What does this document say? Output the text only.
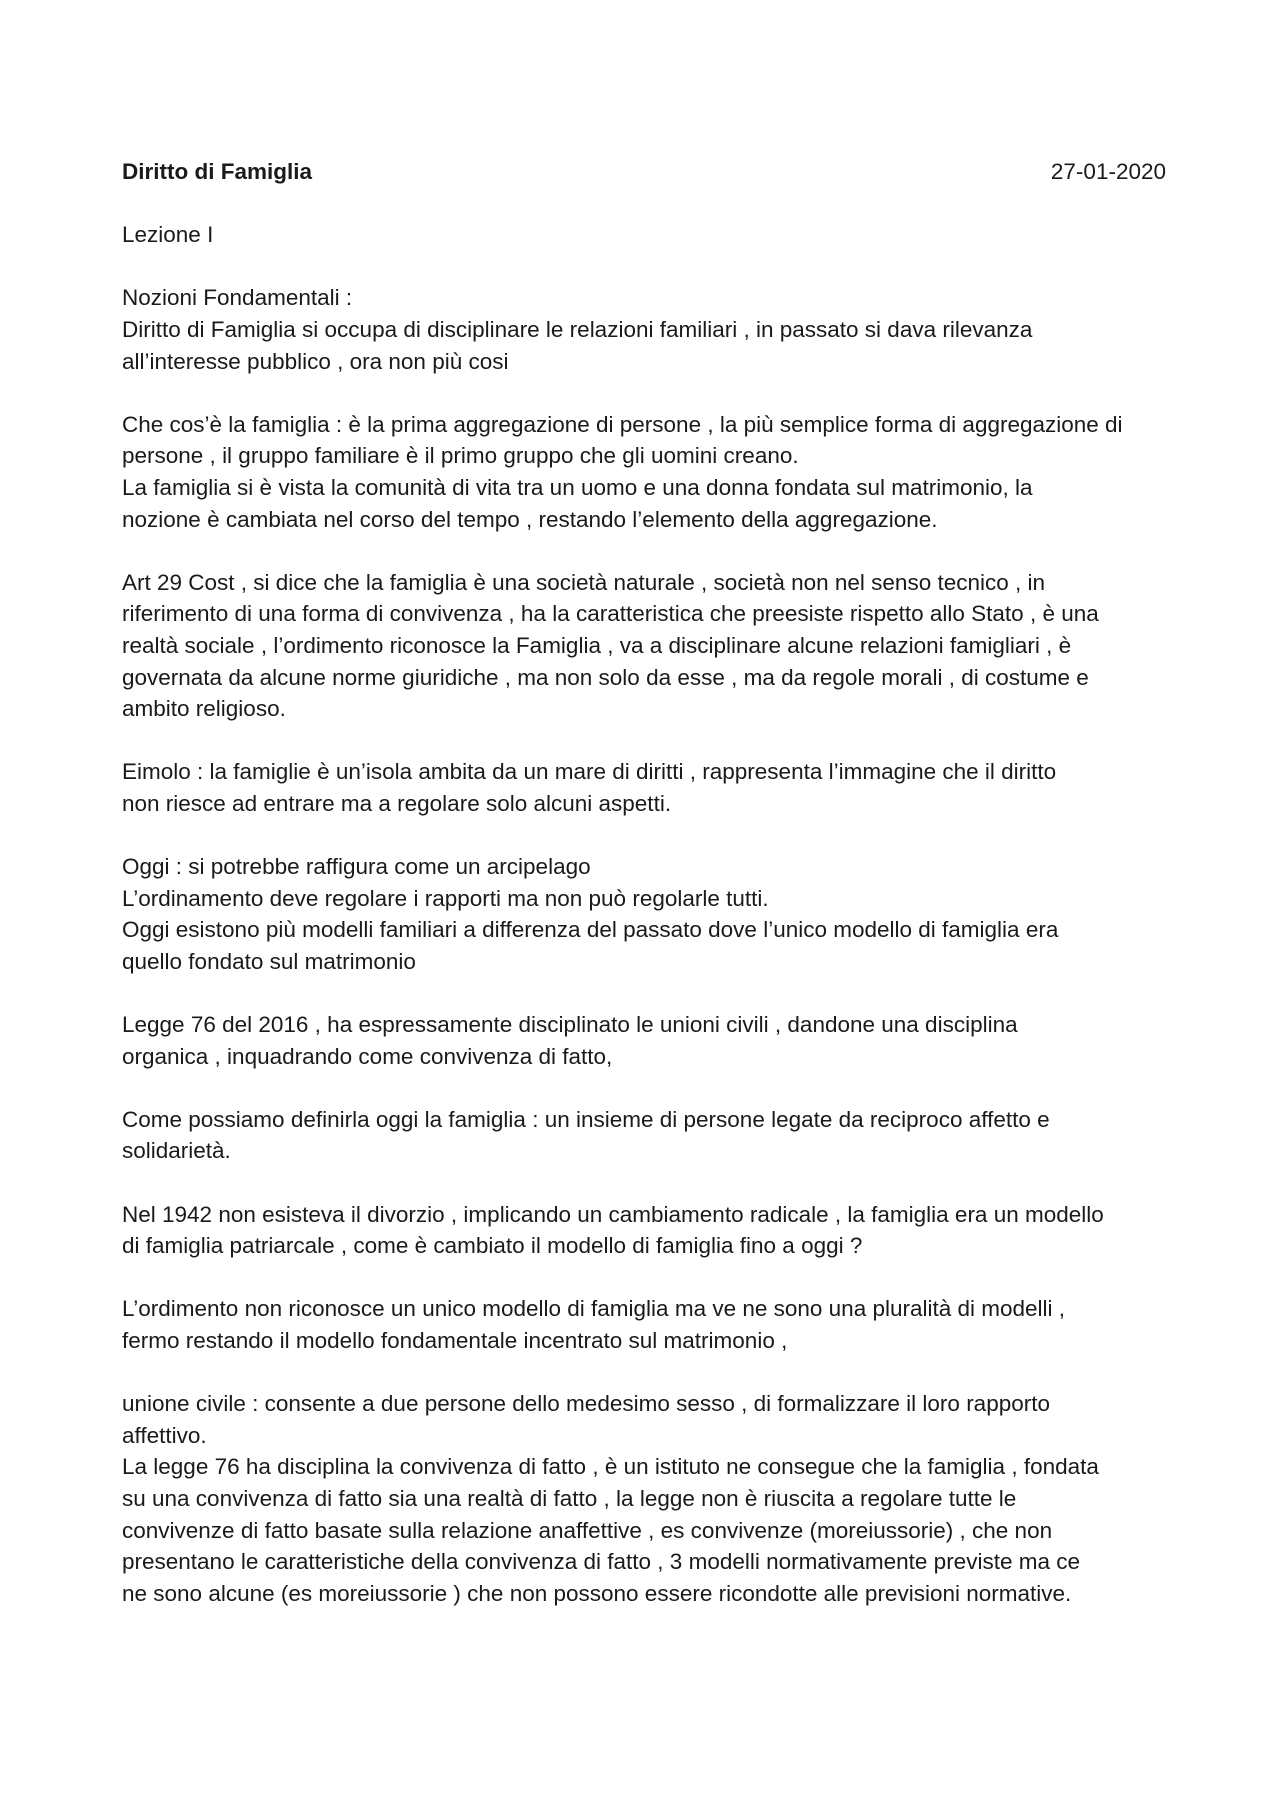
Diritto di Famiglia	27-01-2020
Lezione I
Nozioni Fondamentali :
Diritto di Famiglia si occupa di disciplinare le relazioni familiari , in passato si dava rilevanza
all’interesse pubblico , ora non più cosi
Che cos’è la famiglia : è la prima aggregazione di persone , la più semplice forma di aggregazione di
persone , il gruppo familiare è il primo gruppo che gli uomini creano.
La famiglia si è vista la comunità di vita tra un uomo e una donna fondata sul matrimonio, la
nozione è cambiata nel corso del tempo , restando l’elemento della aggregazione.
Art 29 Cost , si dice che la famiglia è una società naturale , società non nel senso tecnico , in
riferimento di una forma di convivenza , ha la caratteristica che preesiste rispetto allo Stato , è una
realtà sociale , l’ordimento riconosce la Famiglia , va a disciplinare alcune relazioni famigliari , è
governata da alcune norme giuridiche , ma non solo da esse , ma da regole morali , di costume e
ambito religioso.
Eimolo : la famiglie è un’isola ambita da un mare di diritti , rappresenta l’immagine che il diritto
non riesce ad entrare ma a regolare solo alcuni aspetti.
Oggi : si potrebbe raffigura come un arcipelago
L’ordinamento deve regolare i rapporti ma non può regolarle tutti.
Oggi esistono più modelli familiari a differenza del passato dove l’unico modello di famiglia era
quello fondato sul matrimonio
Legge 76 del 2016 , ha espressamente disciplinato le unioni civili , dandone una disciplina
organica , inquadrando come convivenza di fatto,
Come possiamo definirla oggi la famiglia : un insieme di persone legate da reciproco affetto e
solidarietà.
Nel 1942 non esisteva il divorzio , implicando un cambiamento radicale , la famiglia era un modello
di famiglia patriarcale , come è cambiato il modello di famiglia fino a oggi ?
L’ordimento non riconosce un unico modello di famiglia ma ve ne sono una pluralità di modelli ,
fermo restando il modello fondamentale incentrato sul matrimonio ,
unione civile : consente a due persone dello medesimo sesso , di formalizzare il loro rapporto
affettivo.
La legge 76 ha disciplina la convivenza di fatto , è un istituto ne consegue che la famiglia , fondata
su una convivenza di fatto sia una realtà di fatto , la legge non è riuscita a regolare tutte le
convivenze di fatto basate sulla relazione anaffettive , es convivenze (moreiussorie) , che non
presentano le caratteristiche della convivenza di fatto , 3 modelli normativamente previste ma ce
ne sono alcune (es moreiussorie ) che non possono essere ricondotte alle previsioni normative.
